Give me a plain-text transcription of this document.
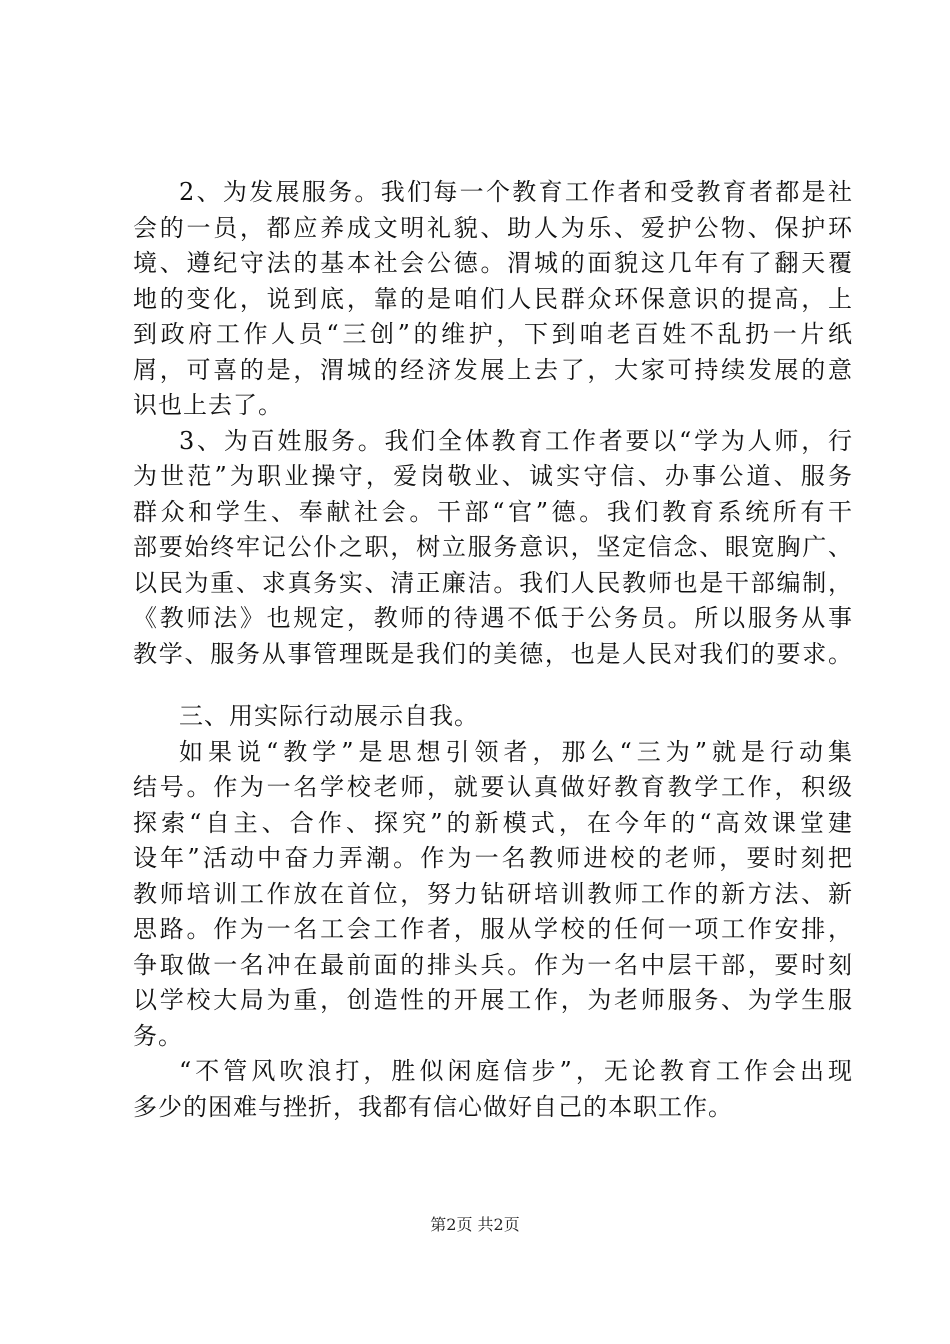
2、为发展服务。我们每一个教育工作者和受教育者都是社
会的一员，都应养成文明礼貌、助人为乐、爱护公物、保护环
境、遵纪守法的基本社会公德。渭城的面貌这几年有了翻天覆
地的变化，说到底，靠的是咱们人民群众环保意识的提高，上
到政府工作人员“三创”的维护，下到咱老百姓不乱扔一片纸
屑，可喜的是，渭城的经济发展上去了，大家可持续发展的意
识也上去了。
3、为百姓服务。我们全体教育工作者要以“学为人师，行
为世范”为职业操守，爱岗敬业、诚实守信、办事公道、服务
群众和学生、奉献社会。干部“官”德。我们教育系统所有干
部要始终牢记公仆之职，树立服务意识，坚定信念、眼宽胸广、
以民为重、求真务实、清正廉洁。我们人民教师也是干部编制，
《教师法》也规定，教师的待遇不低于公务员。所以服务从事
教学、服务从事管理既是我们的美德，也是人民对我们的要求。
三、用实际行动展示自我。
如果说“教学”是思想引领者，那么“三为”就是行动集
结号。作为一名学校老师，就要认真做好教育教学工作，积级
探索“自主、合作、探究”的新模式，在今年的“高效课堂建
设年”活动中奋力弄潮。作为一名教师进校的老师，要时刻把
教师培训工作放在首位，努力钻研培训教师工作的新方法、新
思路。作为一名工会工作者，服从学校的任何一项工作安排，
争取做一名冲在最前面的排头兵。作为一名中层干部，要时刻
以学校大局为重，创造性的开展工作，为老师服务、为学生服
务。
“不管风吹浪打，胜似闲庭信步”，无论教育工作会出现
多少的困难与挫折，我都有信心做好自己的本职工作。
第2页 共2页
